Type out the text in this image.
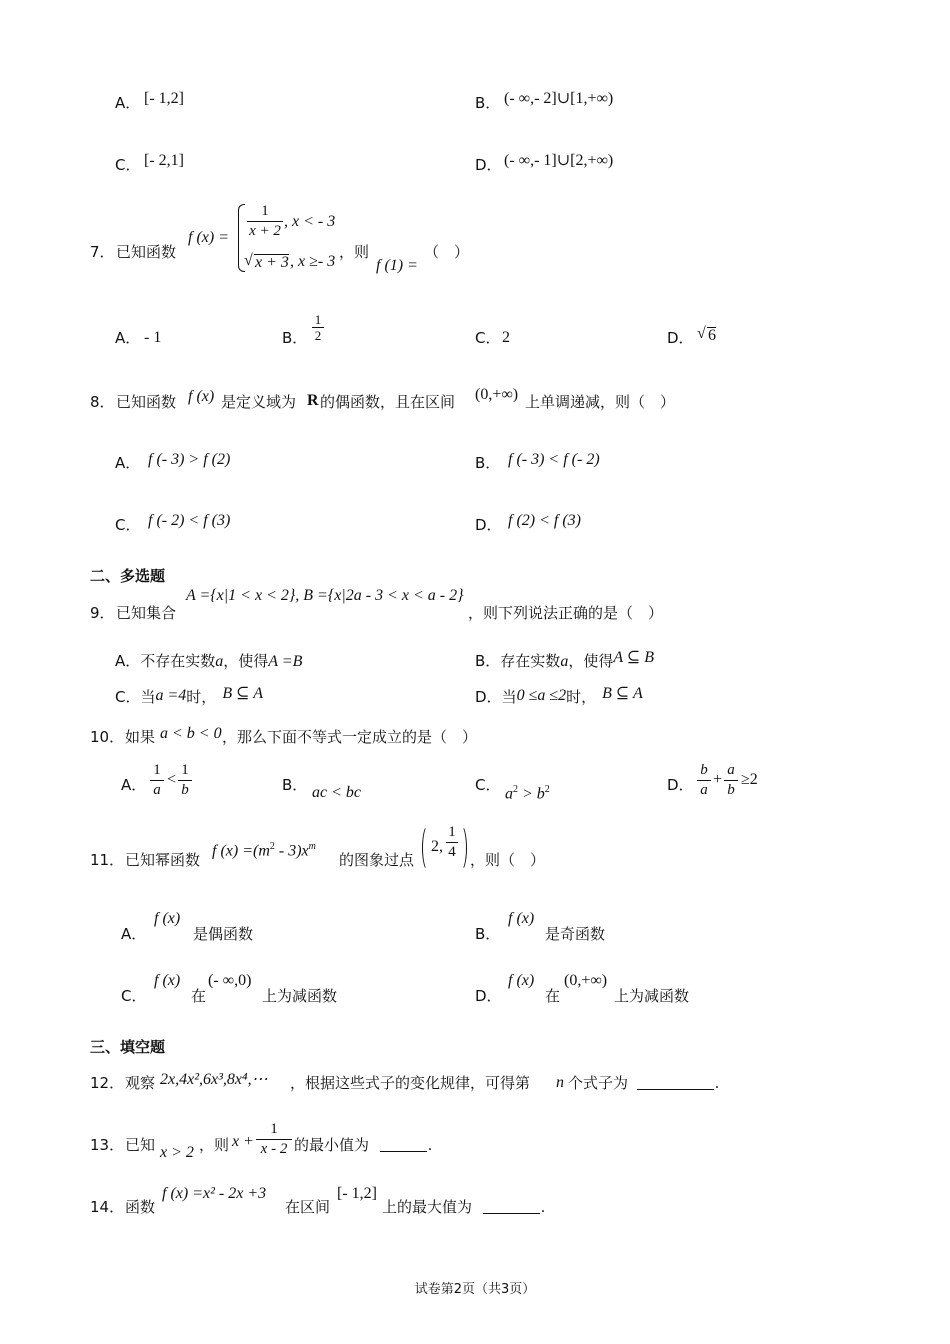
A． [- 1,2]	B． (- ∞,- 2]∪[1,+∞)
C． [- 2,1]	D． (- ∞,- 1]∪[2,+∞)
7． 已知函数
f (x) =
1
x + 2
, x < - 3
√ x + 3 , x ≥- 3
，则
f (1) =
（　）
A． - 1	B．
1
2	C． 2	D． √ 6
8． 已知函数 f (x) 是定义域为 R 的偶函数，且在区间 (0,+∞) 上单调递减，则（　）
A． f (- 3) > f (2)	B． f (- 3) < f (- 2)
C． f (- 2) < f (3)	D． f (2) < f (3)
二、多选题
9． 已知集合
A ={x|1 < x < 2}, B ={x|2a - 3 < x < a - 2}
，则下列说法正确的是（　）
A．不存在实数a，使得A =B	B．存在实数a，使得A ⊆ B
C．当a =4时， B ⊆ A	D．当0 ≤a ≤2时， B ⊆ A
10． 如果 a < b < 0 ，那么下面不等式一定成立的是（　）
A．
1
a
<
1
b	B． ac < bc	C． $a^2 > b^2$	D．
b
a
+
a
b
≥2
11． 已知幂函数
f $(x) =(m^2 - 3)x^m$
的图象过点
2,
1
4 ，则（　）
A．
f (x)
是偶函数	B．
f (x)
是奇函数
C．
f (x)
在
(- ∞,0)
上为减函数	D．
f (x)
在
(0,+∞)
上为减函数
三、填空题
12． 观察 2x,4x²,6x³,8x⁴,⋯ ，根据这些式子的变化规律，可得第 n 个式子为	.
13． 已知 x > 2 ，则 x +
1
x - 2 的最小值为	.
14． 函数
f (x) =x² - 2x +3
在区间
[- 1,2]
上的最大值为	.
试卷第2页（共3页）
